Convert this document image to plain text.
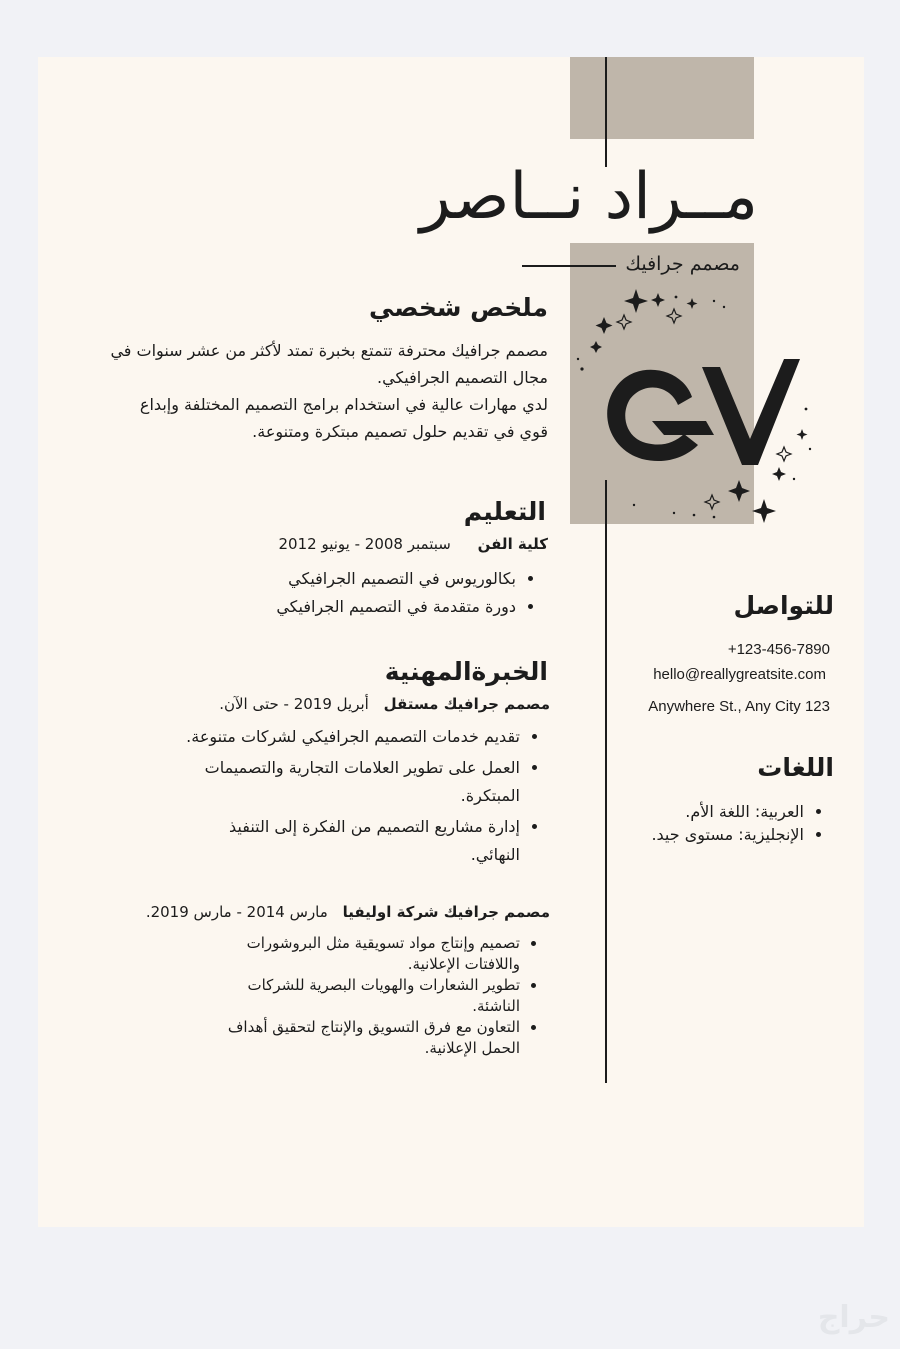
مــراد نــاصر
مصمم جرافيك
ملخص شخصي
مصمم جرافيك محترفة تتمتع بخبرة تمتد لأكثر من عشر سنوات في
مجال التصميم الجرافيكي.
لدي مهارات عالية في استخدام برامج التصميم المختلفة وإبداع
قوي في تقديم حلول تصميم مبتكرة ومتنوعة.
التعليم
كلية الفن سبتمبر 2008 - يونيو 2012
• بكالوريوس في التصميم الجرافيكي
• دورة متقدمة في التصميم الجرافيكي
الخبرةالمهنية
مصمم جرافيك مستقل أبريل 2019 - حتى الآن.
• تقديم خدمات التصميم الجرافيكي لشركات متنوعة.
• العمل على تطوير العلامات التجارية والتصميمات المبتكرة.
• إدارة مشاريع التصميم من الفكرة إلى التنفيذ النهائي.
مصمم جرافيك شركة اوليفيا مارس 2014 - مارس 2019.
• تصميم وإنتاج مواد تسويقية مثل البروشورات واللافتات الإعلانية.
• تطوير الشعارات والهويات البصرية للشركات الناشئة.
• التعاون مع فرق التسويق والإنتاج لتحقيق أهداف الحمل الإعلانية.
للتواصل
+123-456-7890
hello@reallygreatsite.com
Anywhere St., Any City 123
اللغات
• العربية: اللغة الأم.
• الإنجليزية: مستوى جيد.
حراج
